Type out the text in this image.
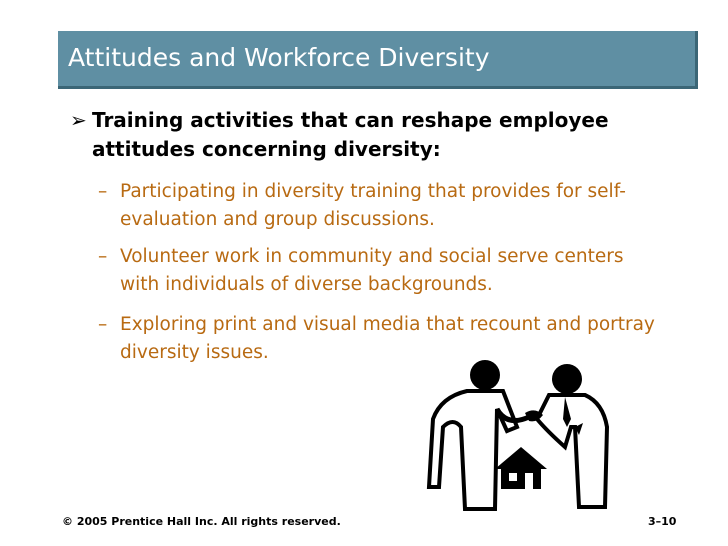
Attitudes and Workforce Diversity
➢ Training activities that can reshape employee attitudes concerning diversity:
– Participating in diversity training that provides for self-evaluation and group discussions.
– Volunteer work in community and social serve centers with individuals of diverse backgrounds.
– Exploring print and visual media that recount and portray diversity issues.
© 2005 Prentice Hall Inc. All rights reserved.	3–10
